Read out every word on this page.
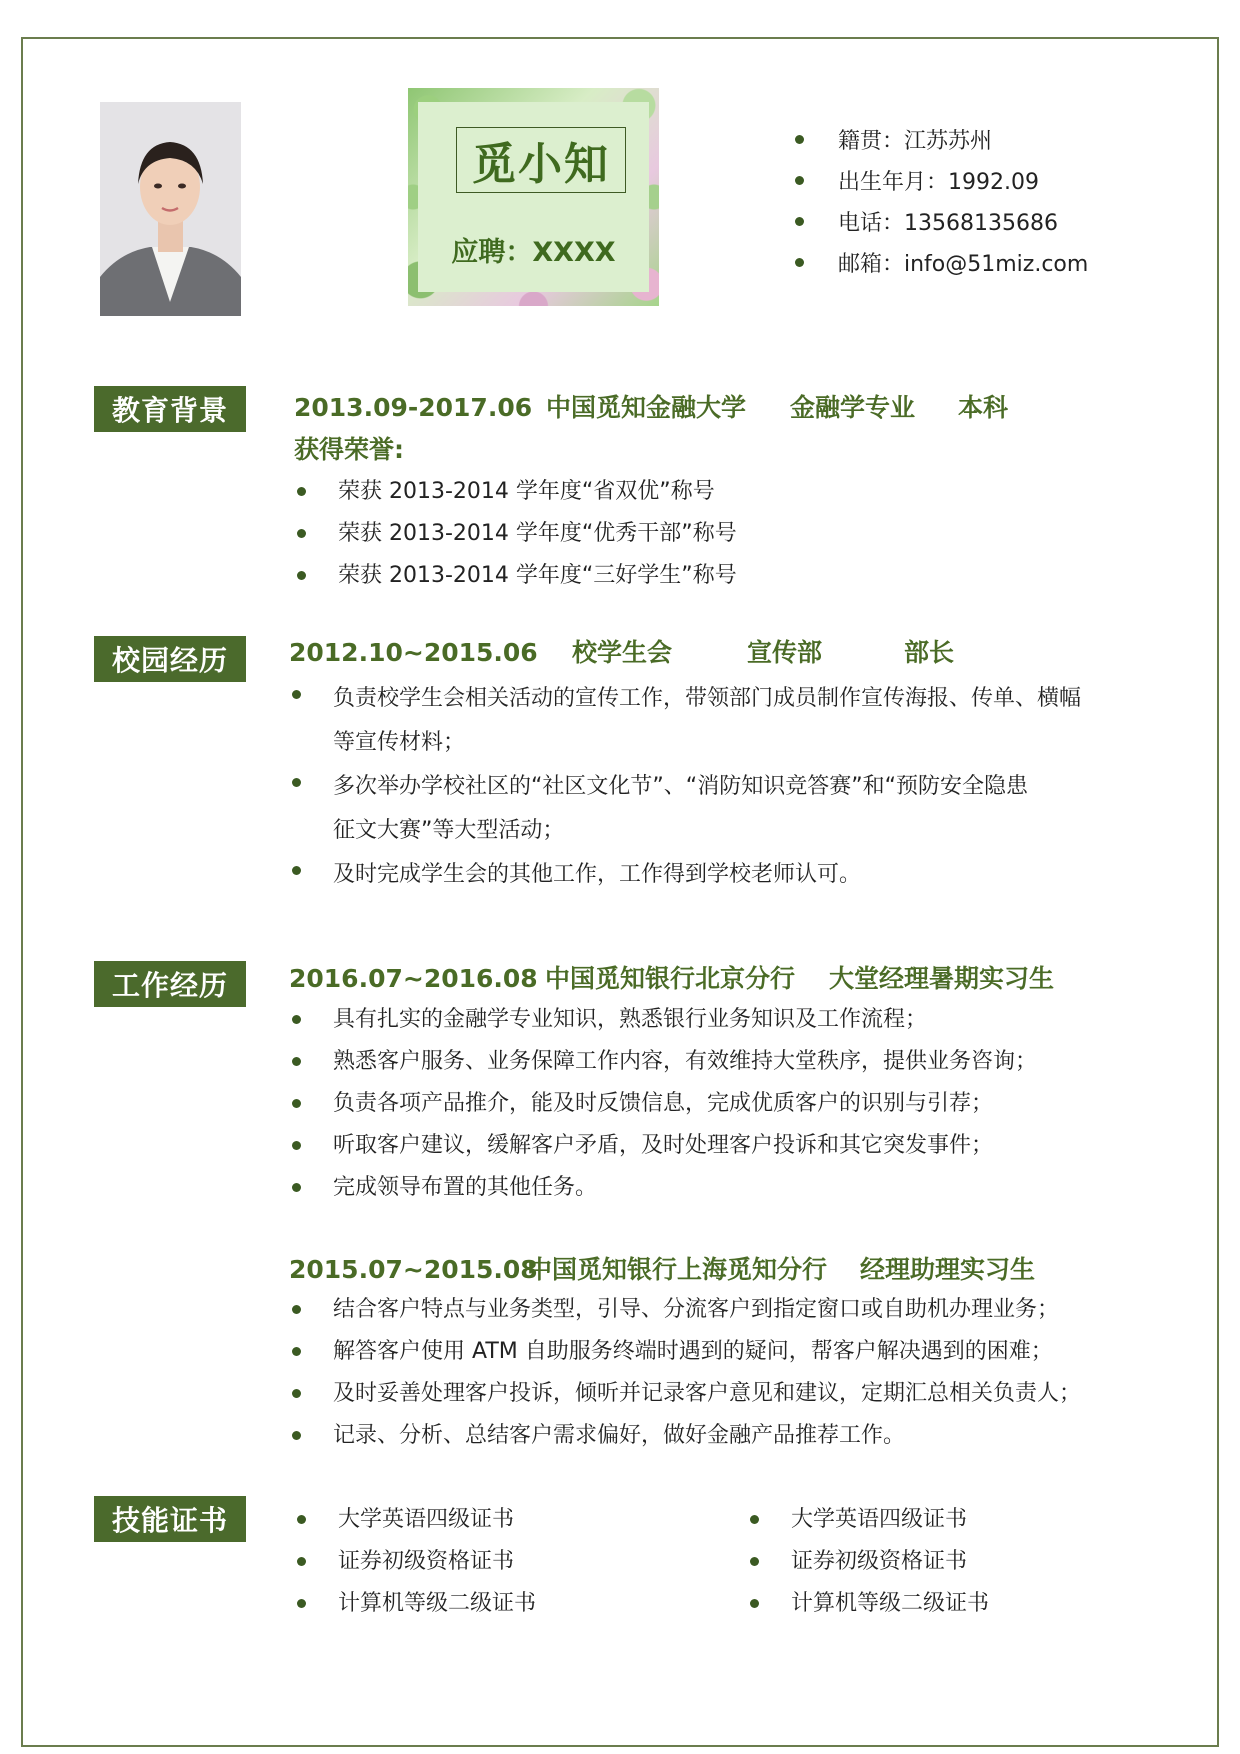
觅小知
应聘：XXXX
籍贯：江苏苏州
出生年月：1992.09
电话：13568135686
邮箱：info@51miz.com
教育背景	2013.09-2017.06 中国觅知金融大学 金融学专业 本科
获得荣誉:
荣获 2013-2014 学年度“省双优”称号
荣获 2013-2014 学年度“优秀干部”称号
荣获 2013-2014 学年度“三好学生”称号
校园经历	2012.10~2015.06 校学生会	宣传部	部长
负责校学生会相关活动的宣传工作，带领部门成员制作宣传海报、传单、横幅
等宣传材料；
多次举办学校社区的“社区文化节”、“消防知识竞答赛”和“预防安全隐患
征文大赛”等大型活动；
及时完成学生会的其他工作，工作得到学校老师认可。
工作经历	2016.07~2016.08 中国觅知银行北京分行 大堂经理暑期实习生
具有扎实的金融学专业知识，熟悉银行业务知识及工作流程；
熟悉客户服务、业务保障工作内容，有效维持大堂秩序，提供业务咨询；
负责各项产品推介，能及时反馈信息，完成优质客户的识别与引荐；
听取客户建议，缓解客户矛盾，及时处理客户投诉和其它突发事件；
完成领导布置的其他任务。
2015.07~2015.08中国觅知银行上海觅知分行 经理助理实习生
结合客户特点与业务类型，引导、分流客户到指定窗口或自助机办理业务；
解答客户使用 ATM 自助服务终端时遇到的疑问，帮客户解决遇到的困难；
及时妥善处理客户投诉，倾听并记录客户意见和建议，定期汇总相关负责人；
记录、分析、总结客户需求偏好，做好金融产品推荐工作。
技能证书	大学英语四级证书
证券初级资格证书
计算机等级二级证书
大学英语四级证书
证券初级资格证书
计算机等级二级证书
